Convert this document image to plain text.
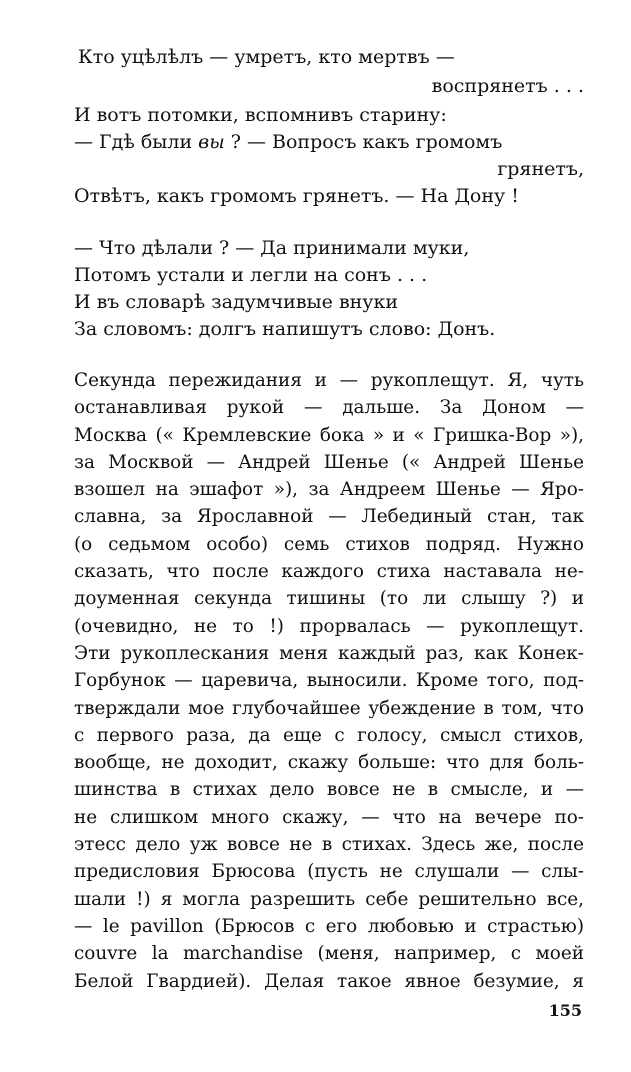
Кто уцѣлѣлъ — умретъ, кто мертвъ —
воспрянетъ . . .
И вотъ потомки, вспомнивъ старину:
— Гдѣ были вы ? — Вопросъ какъ громомъ
грянетъ,
Отвѣтъ, какъ громомъ грянетъ. — На Дону !
— Что дѣлали ? — Да принимали муки,
Потомъ устали и легли на сонъ . . .
И въ словарѣ задумчивые внуки
За словомъ: долгъ напишутъ слово: Донъ.
Секунда пережидания и — рукоплещут. Я, чуть
останавливая рукой — дальше. За Доном —
Москва (« Кремлевские бока » и « Гришка-Вор »),
за Москвой — Андрей Шенье (« Андрей Шенье
взошел на эшафот »), за Андреем Шенье — Яро-
славна, за Ярославной — Лебединый стан, так
(о седьмом особо) семь стихов подряд. Нужно
сказать, что после каждого стиха наставала не-
доуменная секунда тишины (то ли слышу ?) и
(очевидно, не то !) прорвалась — рукоплещут.
Эти рукоплескания меня каждый раз, как Конек-
Горбунок — царевича, выносили. Кроме того, под-
тверждали мое глубочайшее убеждение в том, что
с первого раза, да еще с голосу, смысл стихов,
вообще, не доходит, скажу больше: что для боль-
шинства в стихах дело вовсе не в смысле, и —
не слишком много скажу, — что на вечере по-
этесс дело уж вовсе не в стихах. Здесь же, после
предисловия Брюсова (пусть не слушали — слы-
шали !) я могла разрешить себе решительно все,
— le pavillon (Брюсов с его любовью и страстью)
couvre la marchandise (меня, например, с моей
Белой Гвардией). Делая такое явное безумие, я
155
